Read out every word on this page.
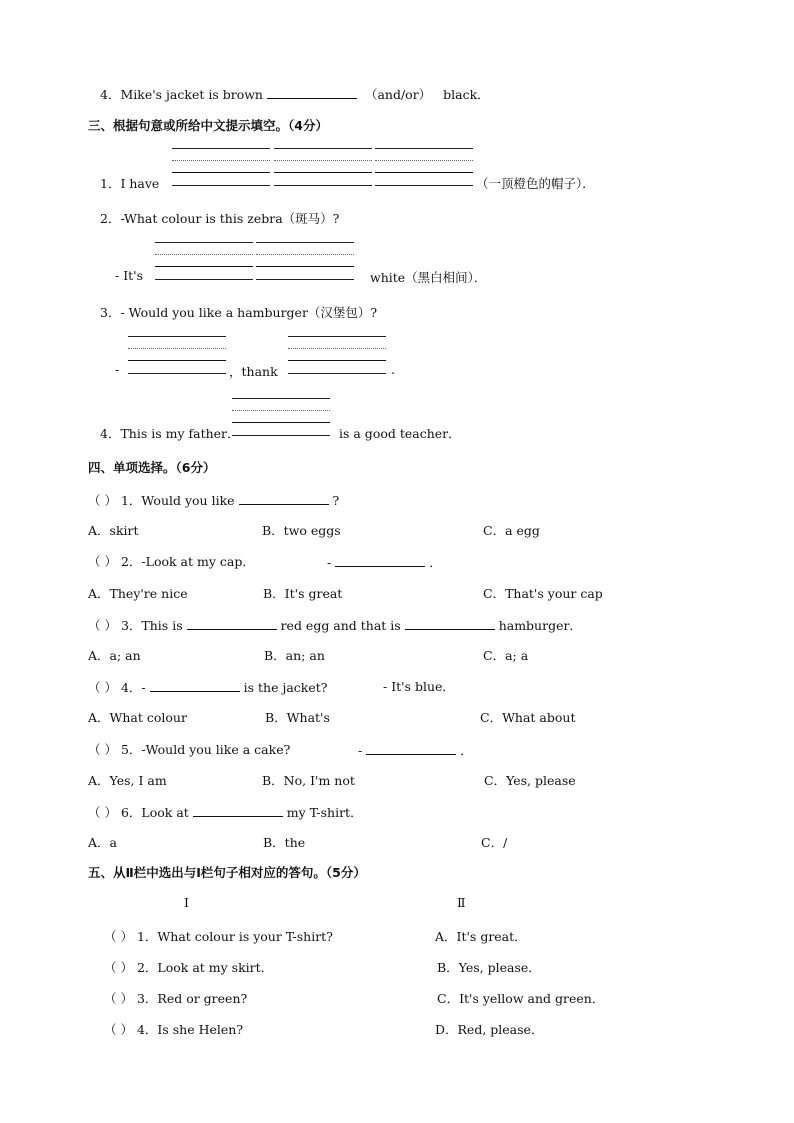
4．Mike's jacket is brown	（and/or） black．
三、根据句意或所给中文提示填空。（4分）
1．I have	（一顶橙色的帽子）．
2．-What colour is this zebra（斑马）?
- It's	white（黑白相间）．
3．- Would you like a hamburger（汉堡包）?
-	，thank	.
4．This is my father．	is a good teacher．
四、单项选择。（6分）
（ ） 1．Would you like	?
A．skirt	B．two eggs	C．a egg
（ ） 2．-Look at my cap．	-	．
A．They're nice	B．It's great	C．That's your cap
（ ） 3．This is	red egg and that is	hamburger．
A．a; an	B．an; an	C．a; a
（ ） 4．-	is the jacket?	- It's blue．
A．What colour	B．What's	C．What about
（ ） 5．-Would you like a cake?	-	．
A．Yes, I am	B．No, I'm not	C．Yes, please
（ ） 6．Look at	my T-shirt．
A．a	B．the	C．/
五、从Ⅱ栏中选出与Ⅰ栏句子相对应的答句。（5分）
Ⅰ	Ⅱ
（ ） 1．What colour is your T-shirt?	A．It's great．
（ ） 2．Look at my skirt．	B．Yes, please．
（ ） 3．Red or green?	C．It's yellow and green．
（ ） 4．Is she Helen?	D．Red, please．
